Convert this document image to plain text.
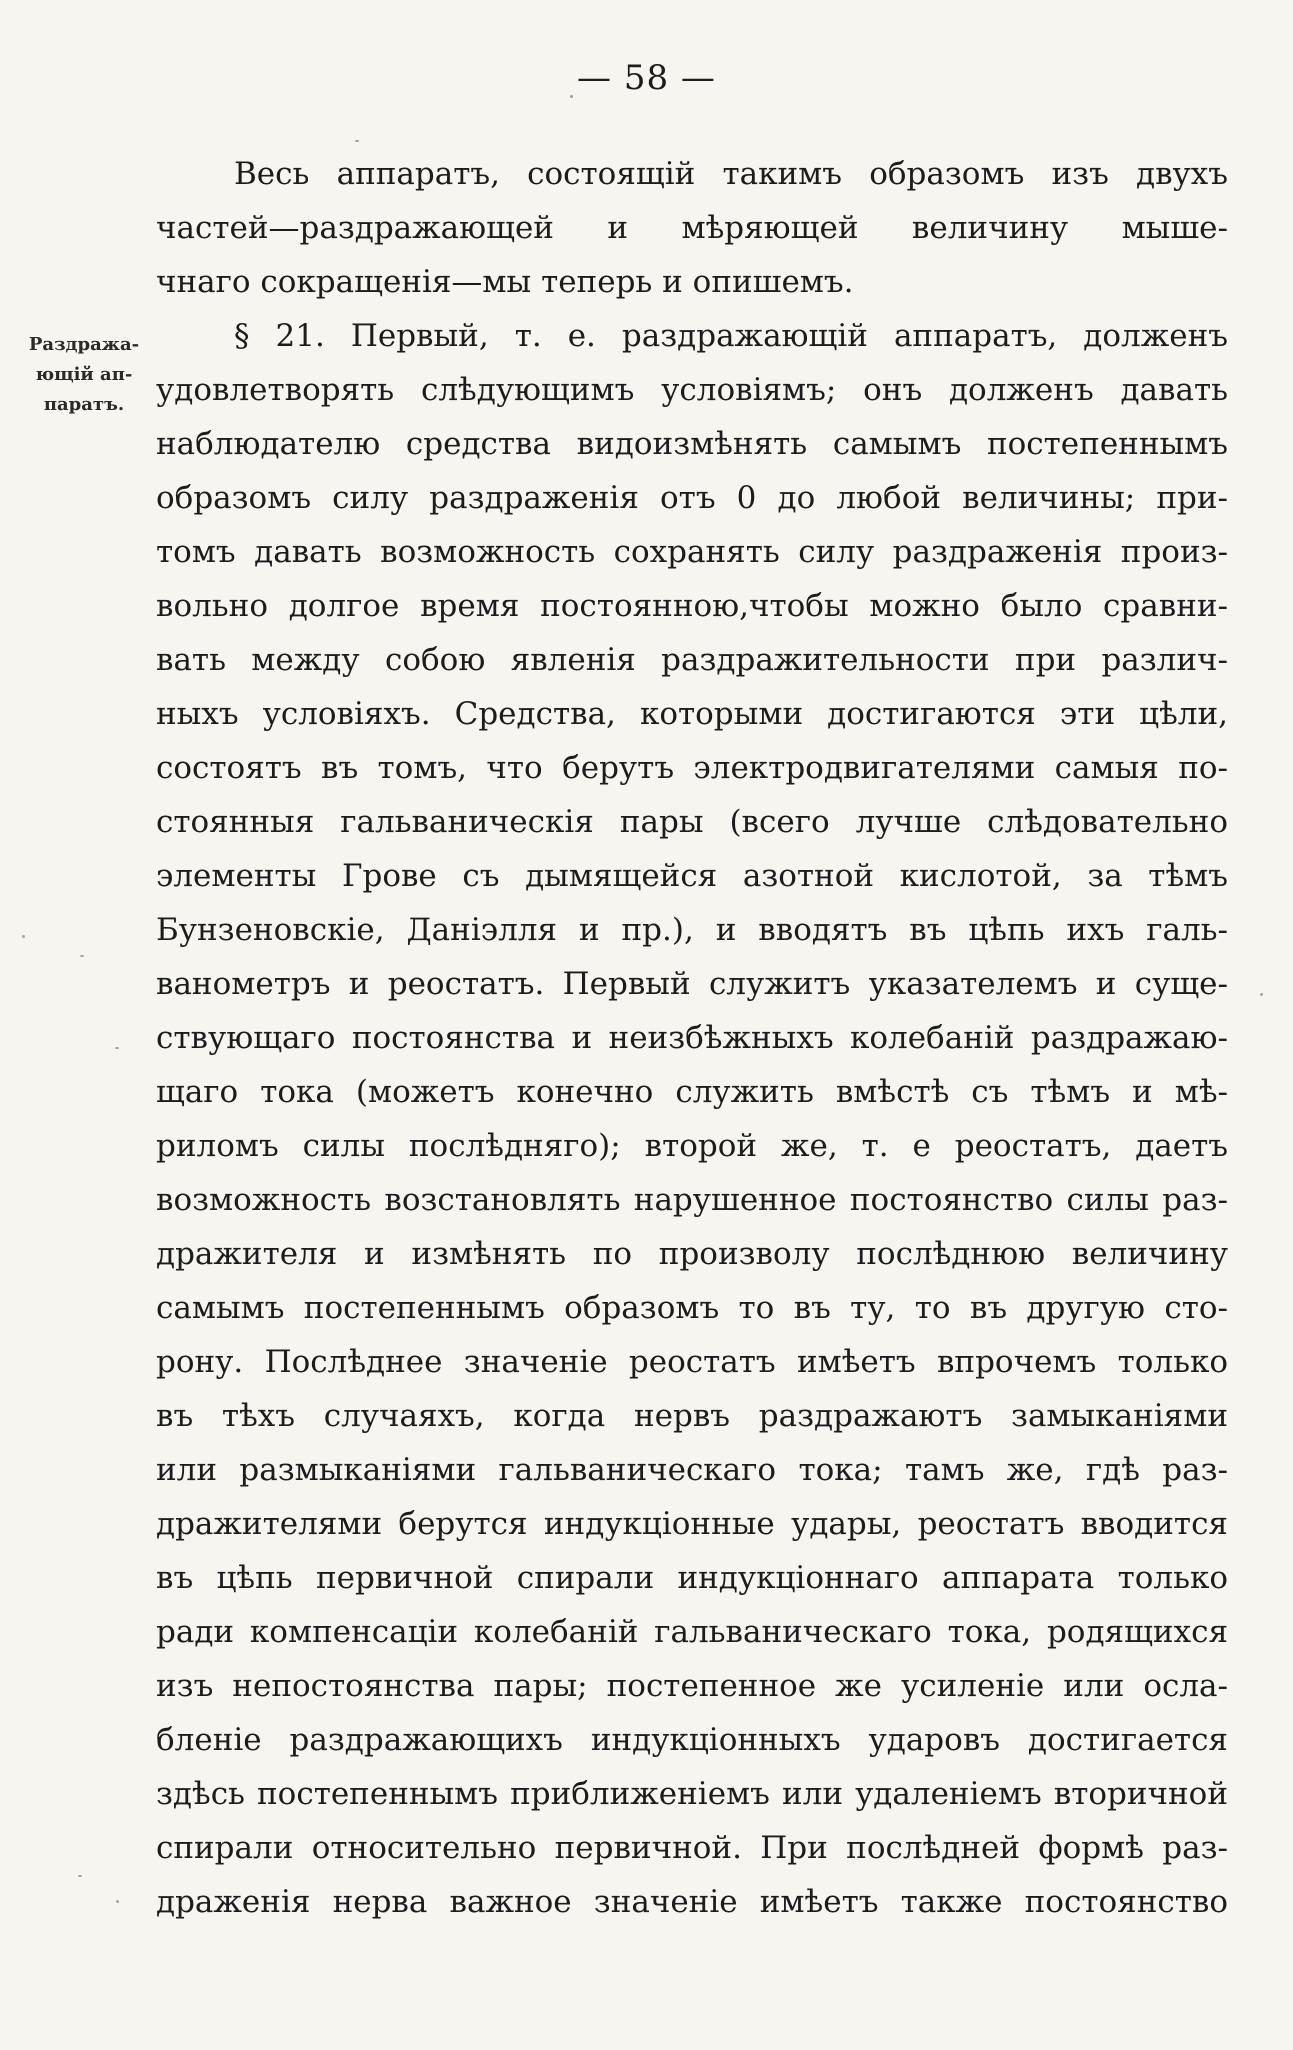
— 58 —
Раздража-
ющій ап-
паратъ.
Весь аппаратъ, состоящій такимъ образомъ изъ двухъ
частей—раздражающей и мѣряющей величину мыше-
чнаго сокращенія—мы теперь и опишемъ.
§ 21. Первый, т. е. раздражающій аппаратъ, долженъ
удовлетворять слѣдующимъ условіямъ; онъ долженъ давать
наблюдателю средства видоизмѣнять самымъ постепеннымъ
образомъ силу раздраженія отъ 0 до любой величины; при-
томъ давать возможность сохранять силу раздраженія произ-
вольно долгое время постоянною,чтобы можно было сравни-
вать между собою явленія раздражительности при различ-
ныхъ условіяхъ. Средства, которыми достигаются эти цѣли,
состоятъ въ томъ, что берутъ электродвигателями самыя по-
стоянныя гальваническія пары (всего лучше слѣдовательно
элементы Грове съ дымящейся азотной кислотой, за тѣмъ
Бунзеновскіе, Даніэлля и пр.), и вводятъ въ цѣпь ихъ галь-
ванометръ и реостатъ. Первый служитъ указателемъ и суще-
ствующаго постоянства и неизбѣжныхъ колебаній раздражаю-
щаго тока (можетъ конечно служить вмѣстѣ съ тѣмъ и мѣ-
риломъ силы послѣдняго); второй же, т. е реостатъ, даетъ
возможность возстановлять нарушенное постоянство силы раз-
дражителя и измѣнять по произволу послѣднюю величину
самымъ постепеннымъ образомъ то въ ту, то въ другую сто-
рону. Послѣднее значеніе реостатъ имѣетъ впрочемъ только
въ тѣхъ случаяхъ, когда нервъ раздражаютъ замыканіями
или размыканіями гальваническаго тока; тамъ же, гдѣ раз-
дражителями берутся индукціонные удары, реостатъ вводится
въ цѣпь первичной спирали индукціоннаго аппарата только
ради компенсаціи колебаній гальваническаго тока, родящихся
изъ непостоянства пары; постепенное же усиленіе или осла-
бленіе раздражающихъ индукціонныхъ ударовъ достигается
здѣсь постепеннымъ приближеніемъ или удаленіемъ вторичной
спирали относительно первичной. При послѣдней формѣ раз-
драженія нерва важное значеніе имѣетъ также постоянство
